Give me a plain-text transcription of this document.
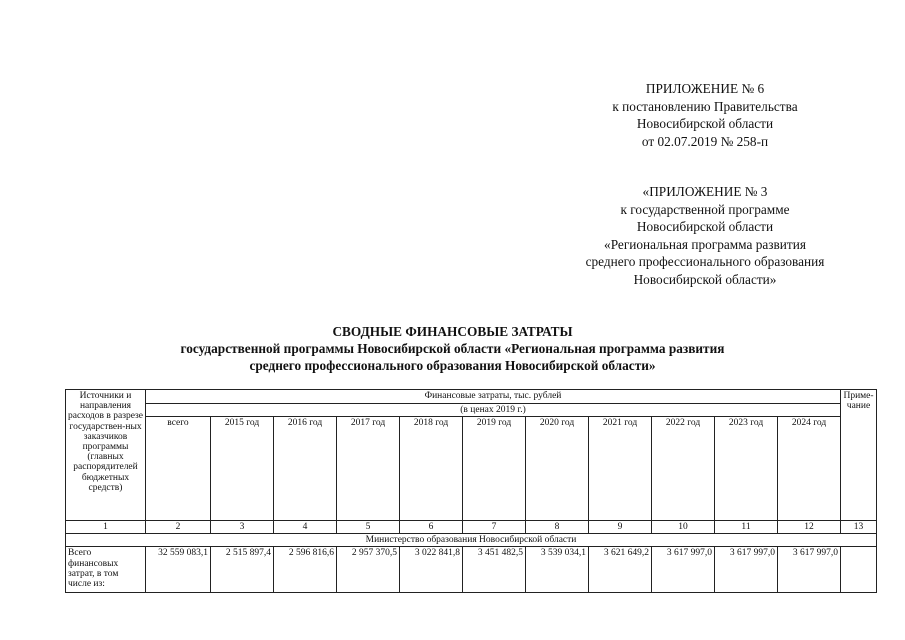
ПРИЛОЖЕНИЕ № 6
к постановлению Правительства
Новосибирской области
от 02.07.2019 № 258-п
«ПРИЛОЖЕНИЕ № 3
к государственной программе
Новосибирской области
«Региональная программа развития
среднего профессионального образования
Новосибирской области»
СВОДНЫЕ ФИНАНСОВЫЕ ЗАТРАТЫ
государственной программы Новосибирской области «Региональная программа развития
среднего профессионального образования Новосибирской области»
Источники и направления расходов в разрезе государствен-ных заказчиков программы (главных распорядителей бюджетных средств)	Финансовые затраты, тыс. рублей											Приме-чание
	(в ценах 2019 г.)											
	всего	2015 год	2016 год	2017 год	2018 год	2019 год	2020 год	2021 год	2022 год	2023 год	2024 год	
1	2	3	4	5	6	7	8	9	10	11	12	13
Министерство образования Новосибирской области												
Всего финансовых затрат, в том числе из:	32 559 083,1	2 515 897,4	2 596 816,6	2 957 370,5	3 022 841,8	3 451 482,5	3 539 034,1	3 621 649,2	3 617 997,0	3 617 997,0	3 617 997,0	
